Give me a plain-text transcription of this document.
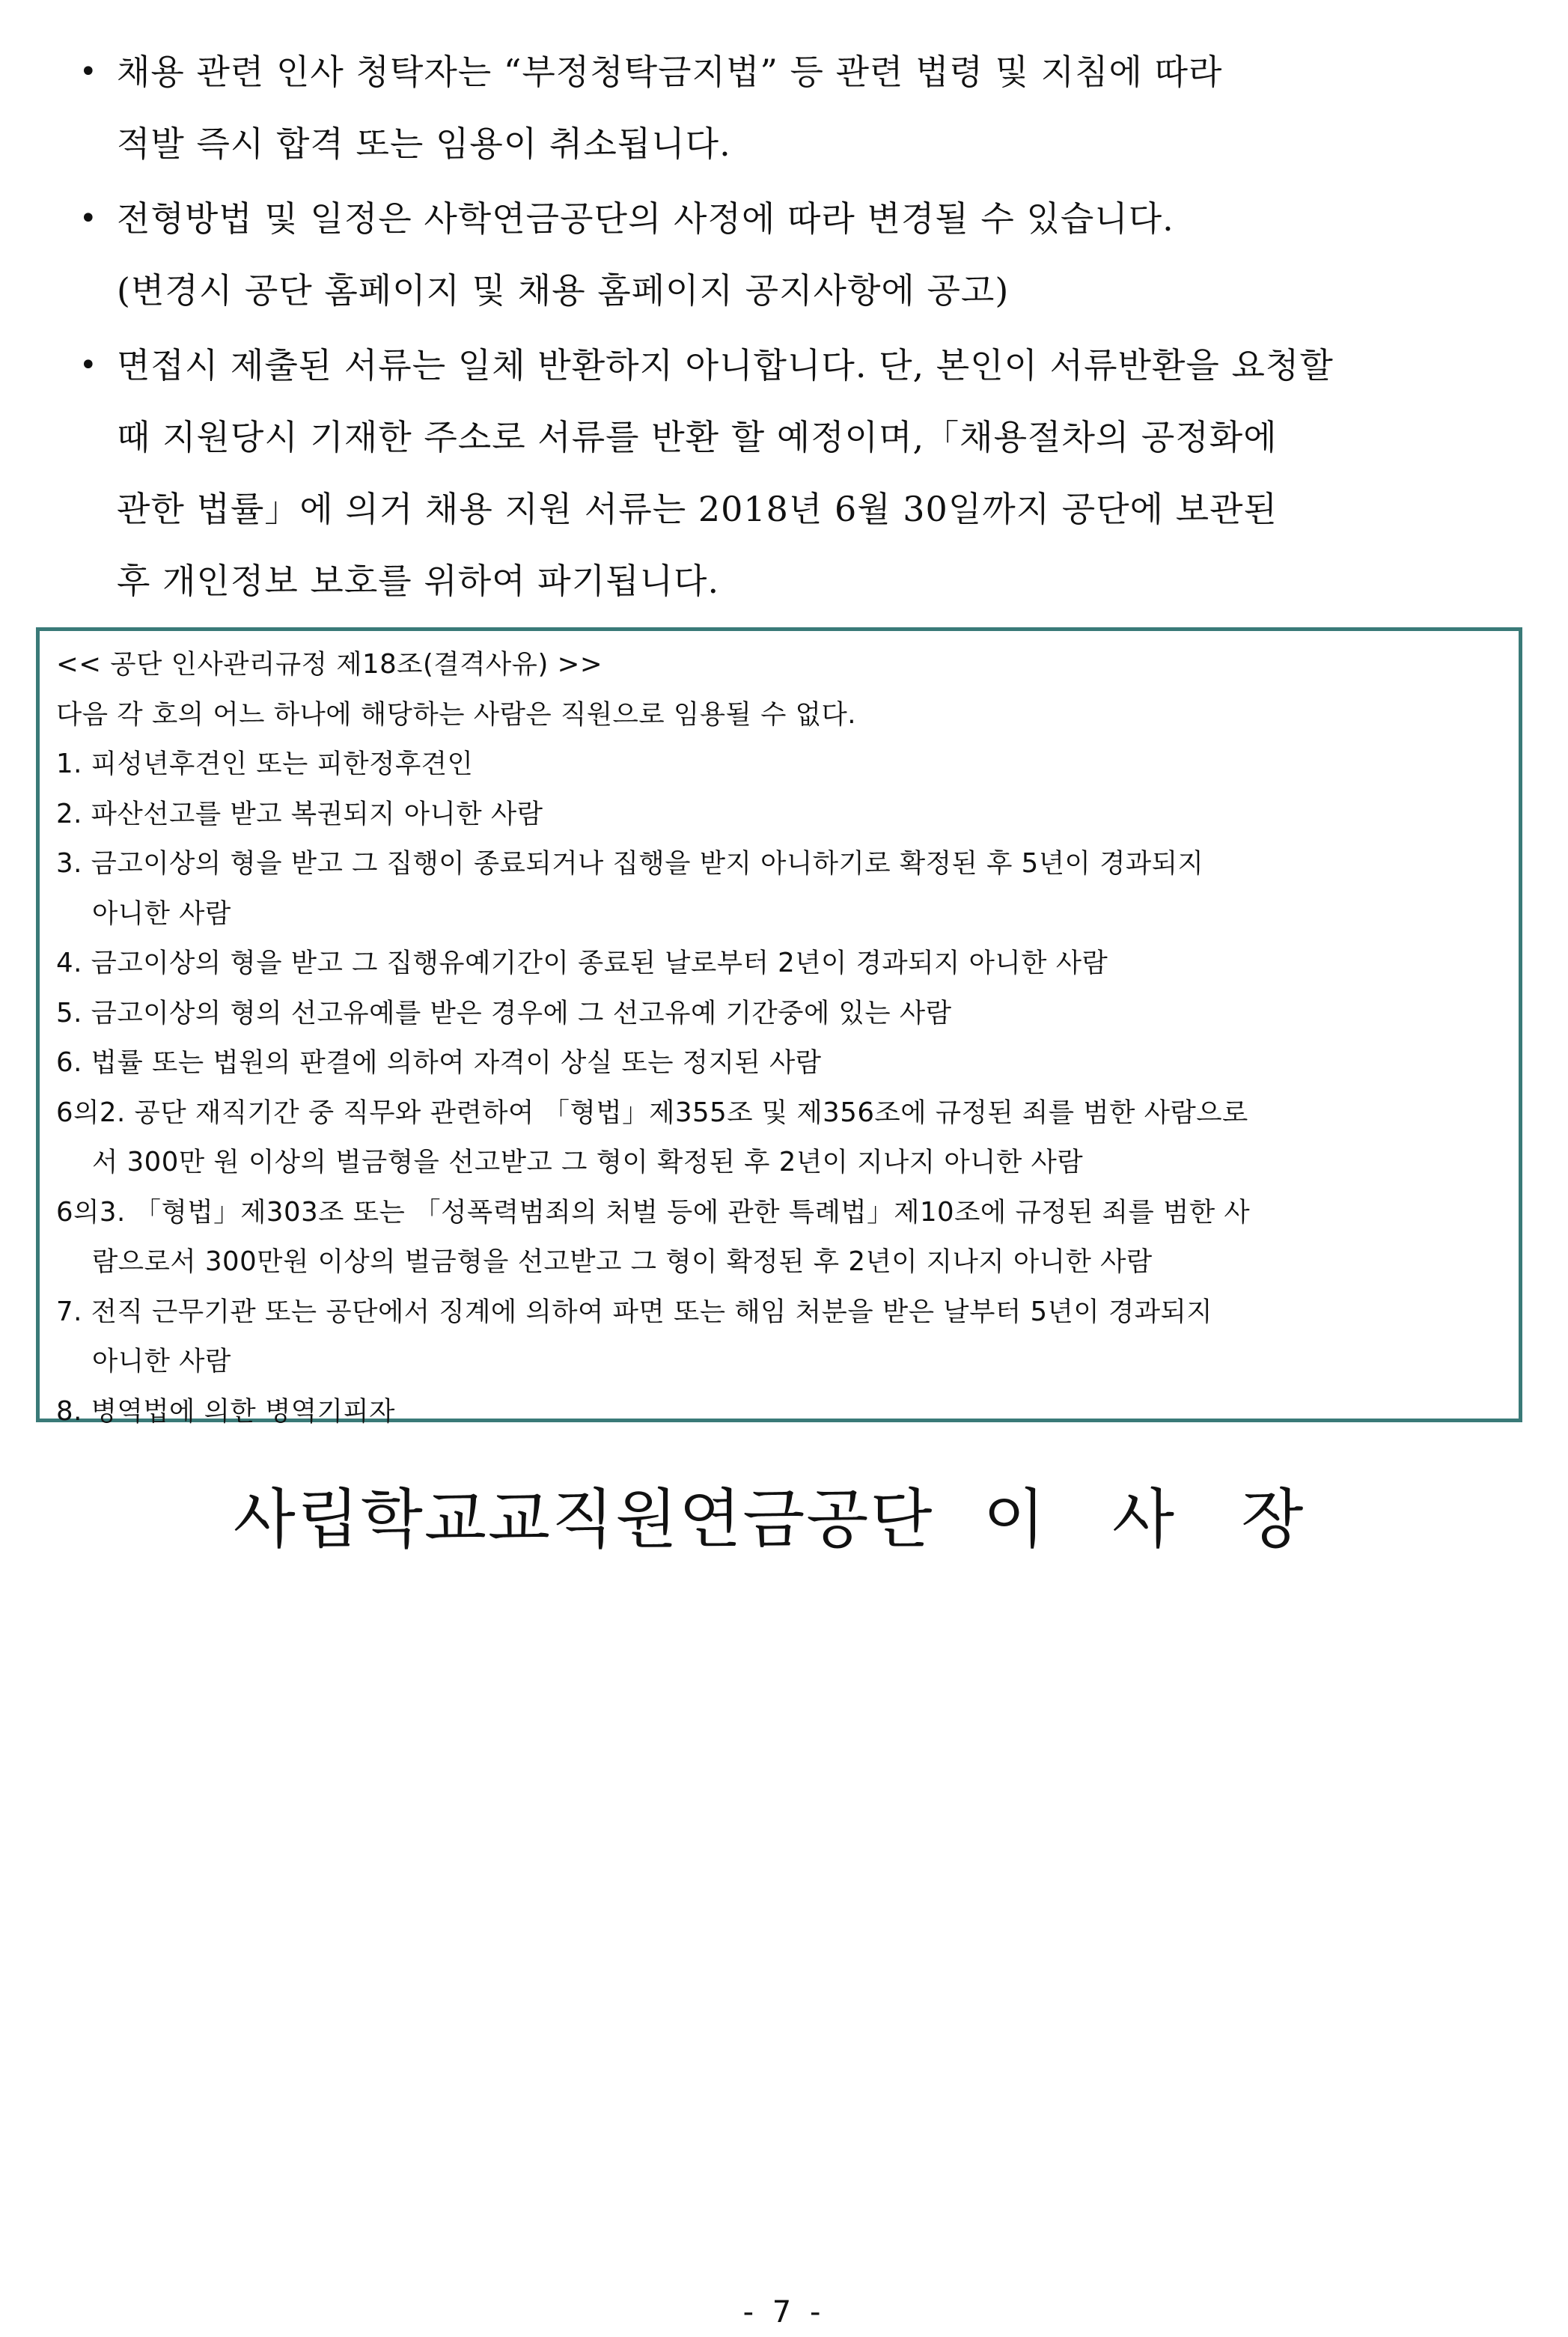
• 채용 관련 인사 청탁자는 “부정청탁금지법” 등 관련 법령 및 지침에 따라
적발 즉시 합격 또는 임용이 취소됩니다.
• 전형방법 및 일정은 사학연금공단의 사정에 따라 변경될 수 있습니다.
(변경시 공단 홈페이지 및 채용 홈페이지 공지사항에 공고)
• 면접시 제출된 서류는 일체 반환하지 아니합니다. 단, 본인이 서류반환을 요청할
때 지원당시 기재한 주소로 서류를 반환 할 예정이며,「채용절차의 공정화에
관한 법률」에 의거 채용 지원 서류는 2018년 6월 30일까지 공단에 보관된
후 개인정보 보호를 위하여 파기됩니다.
<< 공단 인사관리규정 제18조(결격사유) >>
다음 각 호의 어느 하나에 해당하는 사람은 직원으로 임용될 수 없다.
1. 피성년후견인 또는 피한정후견인
2. 파산선고를 받고 복권되지 아니한 사람
3. 금고이상의 형을 받고 그 집행이 종료되거나 집행을 받지 아니하기로 확정된 후 5년이 경과되지
아니한 사람
4. 금고이상의 형을 받고 그 집행유예기간이 종료된 날로부터 2년이 경과되지 아니한 사람
5. 금고이상의 형의 선고유예를 받은 경우에 그 선고유예 기간중에 있는 사람
6. 법률 또는 법원의 판결에 의하여 자격이 상실 또는 정지된 사람
6의2. 공단 재직기간 중 직무와 관련하여 「형법」제355조 및 제356조에 규정된 죄를 범한 사람으로
서 300만 원 이상의 벌금형을 선고받고 그 형이 확정된 후 2년이 지나지 아니한 사람
6의3. 「형법」제303조 또는 「성폭력범죄의 처벌 등에 관한 특례법」제10조에 규정된 죄를 범한 사
람으로서 300만원 이상의 벌금형을 선고받고 그 형이 확정된 후 2년이 지나지 아니한 사람
7. 전직 근무기관 또는 공단에서 징계에 의하여 파면 또는 해임 처분을 받은 날부터 5년이 경과되지
아니한 사람
8. 병역법에 의한 병역기피자
사립학교교직원연금공단 이 사 장
- 7 -
